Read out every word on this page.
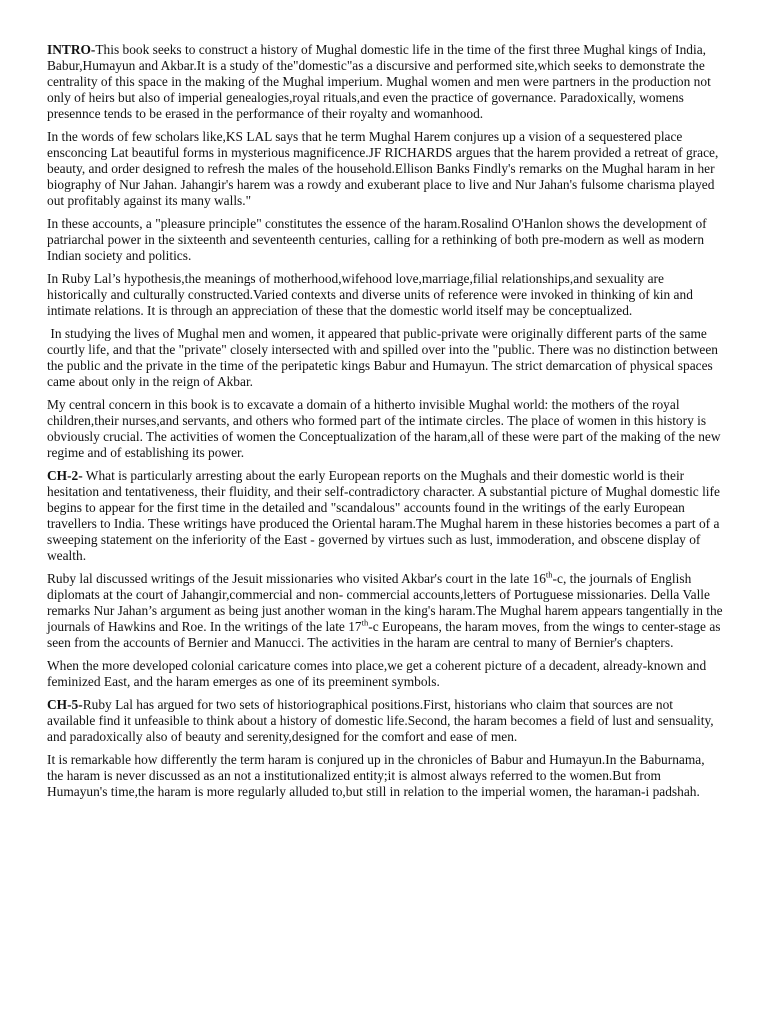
INTRO-This book seeks to construct a history of Mughal domestic life in the time of the first three Mughal kings of India, Babur,Humayun and Akbar.It is a study of the"domestic"as a discursive and performed site,which seeks to demonstrate the centrality of this space in the making of the Mughal imperium. Mughal women and men were partners in the production not only of heirs but also of imperial genealogies,royal rituals,and even the practice of governance. Paradoxically, womens presennce tends to be erased in the performance of their royalty and womanhood.

In the words of few scholars like,KS LAL says that he term Mughal Harem conjures up a vision of a sequestered place ensconcing Lat beautiful forms in mysterious magnificence.JF RICHARDS argues that the harem provided a retreat of grace, beauty, and order designed to refresh the males of the household.Ellison Banks Findly's remarks on the Mughal haram in her biography of Nur Jahan. Jahangir's harem was a rowdy and exuberant place to live and Nur Jahan's fulsome charisma played out profitably against its many walls."

In these accounts, a "pleasure principle" constitutes the essence of the haram.Rosalind O'Hanlon shows the development of patriarchal power in the sixteenth and seventeenth centuries, calling for a rethinking of both pre-modern as well as modern Indian society and politics.

In Ruby Lal’s hypothesis,the meanings of motherhood,wifehood love,marriage,filial relationships,and sexuality are historically and culturally constructed.Varied contexts and diverse units of reference were invoked in thinking of kin and intimate relations. It is through an appreciation of these that the domestic world itself may be conceptualized.

In studying the lives of Mughal men and women, it appeared that public-private were originally different parts of the same courtly life, and that the "private" closely intersected with and spilled over into the "public. There was no distinction between the public and the private in the time of the peripatetic kings Babur and Humayun. The strict demarcation of physical spaces came about only in the reign of Akbar.

My central concern in this book is to excavate a domain of a hitherto invisible Mughal world: the mothers of the royal children,their nurses,and servants, and others who formed part of the intimate circles. The place of women in this history is obviously crucial. The activities of women the Conceptualization of the haram,all of these were part of the making of the new regime and of establishing its power.

CH-2- What is particularly arresting about the early European reports on the Mughals and their domestic world is their hesitation and tentativeness, their fluidity, and their self-contradictory character. A substantial picture of Mughal domestic life begins to appear for the first time in the detailed and "scandalous" accounts found in the writings of the early European travellers to India. These writings have produced the Oriental haram.The Mughal harem in these histories becomes a part of a sweeping statement on the inferiority of the East - governed by virtues such as lust, immoderation, and obscene display of wealth.

Ruby lal discussed writings of the Jesuit missionaries who visited Akbar's court in the late 16th-c, the journals of English diplomats at the court of Jahangir,commercial and non- commercial accounts,letters of Portuguese missionaries. Della Valle remarks Nur Jahan’s argument as being just another woman in the king's haram.The Mughal harem appears tangentially in the journals of Hawkins and Roe. In the writings of the late 17th-c Europeans, the haram moves, from the wings to center-stage as seen from the accounts of Bernier and Manucci. The activities in the haram are central to many of Bernier's chapters.

When the more developed colonial caricature comes into place,we get a coherent picture of a decadent, already-known and feminized East, and the haram emerges as one of its preeminent symbols.

CH-5-Ruby Lal has argued for two sets of historiographical positions.First, historians who claim that sources are not available find it unfeasible to think about a history of domestic life.Second, the haram becomes a field of lust and sensuality, and paradoxically also of beauty and serenity,designed for the comfort and ease of men.

It is remarkable how differently the term haram is conjured up in the chronicles of Babur and Humayun.In the Baburnama, the haram is never discussed as an not a institutionalized entity;it is almost always referred to the women.But from Humayun's time,the haram is more regularly alluded to,but still in relation to the imperial women, the haraman-i padshah.
